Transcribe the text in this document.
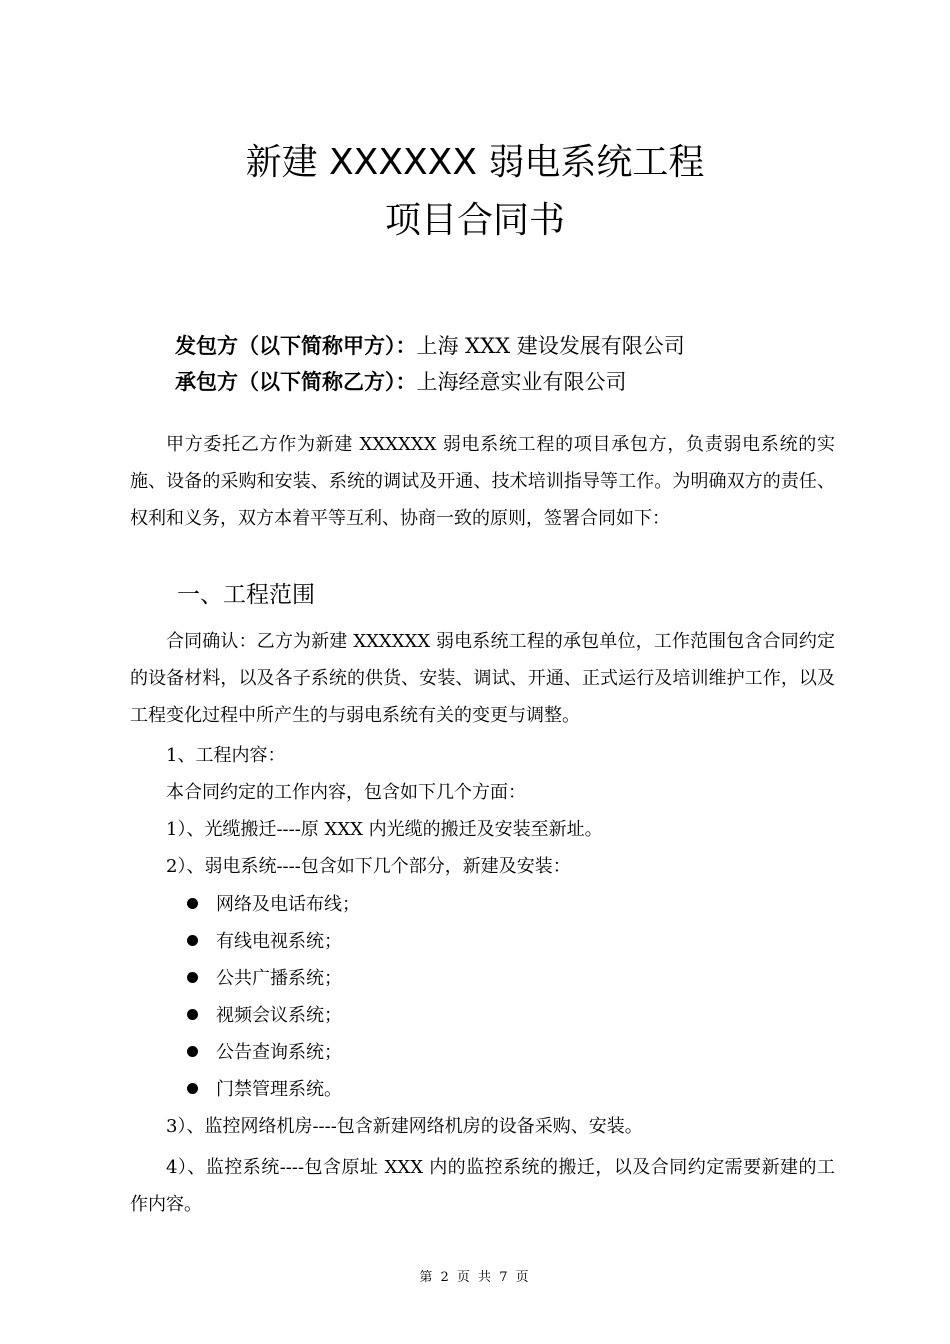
新建 XXXXXX 弱电系统工程
项目合同书
发包方（以下简称甲方）：上海 XXX 建设发展有限公司
承包方（以下简称乙方）：上海经意实业有限公司
甲方委托乙方作为新建 XXXXXX 弱电系统工程的项目承包方，负责弱电系统的实施、设备的采购和安装、系统的调试及开通、技术培训指导等工作。为明确双方的责任、权利和义务，双方本着平等互利、协商一致的原则，签署合同如下：
一、工程范围
合同确认：乙方为新建 XXXXXX 弱电系统工程的承包单位，工作范围包含合同约定的设备材料，以及各子系统的供货、安装、调试、开通、正式运行及培训维护工作，以及工程变化过程中所产生的与弱电系统有关的变更与调整。
1、工程内容：
本合同约定的工作内容，包含如下几个方面：
1）、光缆搬迁----原 XXX 内光缆的搬迁及安装至新址。
2）、弱电系统----包含如下几个部分，新建及安装：
网络及电话布线；
有线电视系统；
公共广播系统；
视频会议系统；
公告查询系统；
门禁管理系统。
3）、监控网络机房----包含新建网络机房的设备采购、安装。
4）、监控系统----包含原址 XXX 内的监控系统的搬迁，以及合同约定需要新建的工作内容。
第 2 页 共 7 页
